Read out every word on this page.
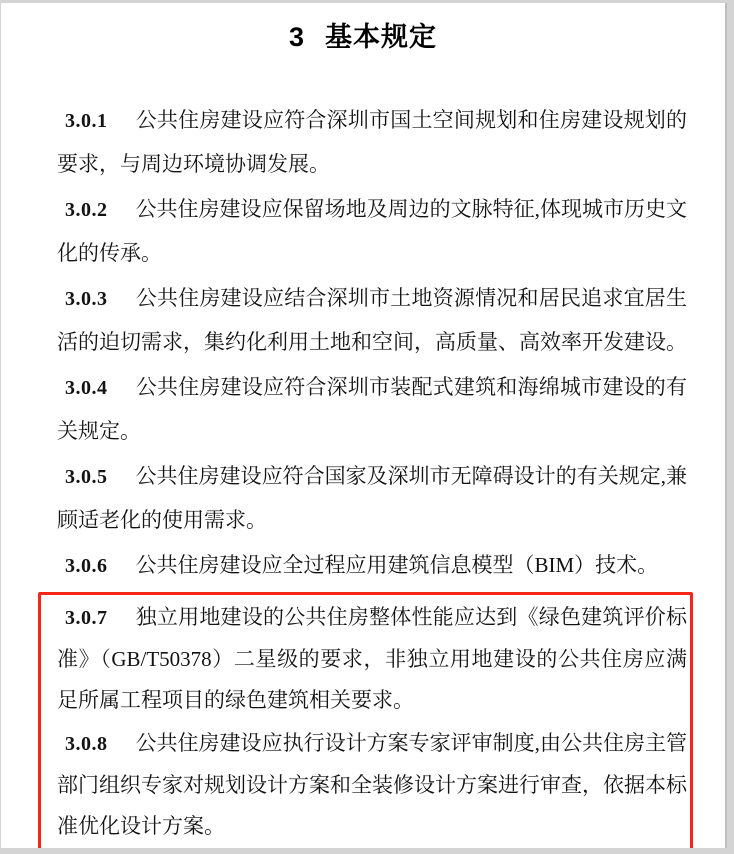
3 基本规定

3.0.1 公共住房建设应符合深圳市国土空间规划和住房建设规划的要求，与周边环境协调发展。

3.0.2 公共住房建设应保留场地及周边的文脉特征,体现城市历史文化的传承。

3.0.3 公共住房建设应结合深圳市土地资源情况和居民追求宜居生活的迫切需求，集约化利用土地和空间，高质量、高效率开发建设。

3.0.4 公共住房建设应符合深圳市装配式建筑和海绵城市建设的有关规定。

3.0.5 公共住房建设应符合国家及深圳市无障碍设计的有关规定,兼顾适老化的使用需求。

3.0.6 公共住房建设应全过程应用建筑信息模型（BIM）技术。

3.0.7 独立用地建设的公共住房整体性能应达到《绿色建筑评价标准》（GB/T50378）二星级的要求，非独立用地建设的公共住房应满足所属工程项目的绿色建筑相关要求。

3.0.8 公共住房建设应执行设计方案专家评审制度,由公共住房主管部门组织专家对规划设计方案和全装修设计方案进行审查，依据本标准优化设计方案。
